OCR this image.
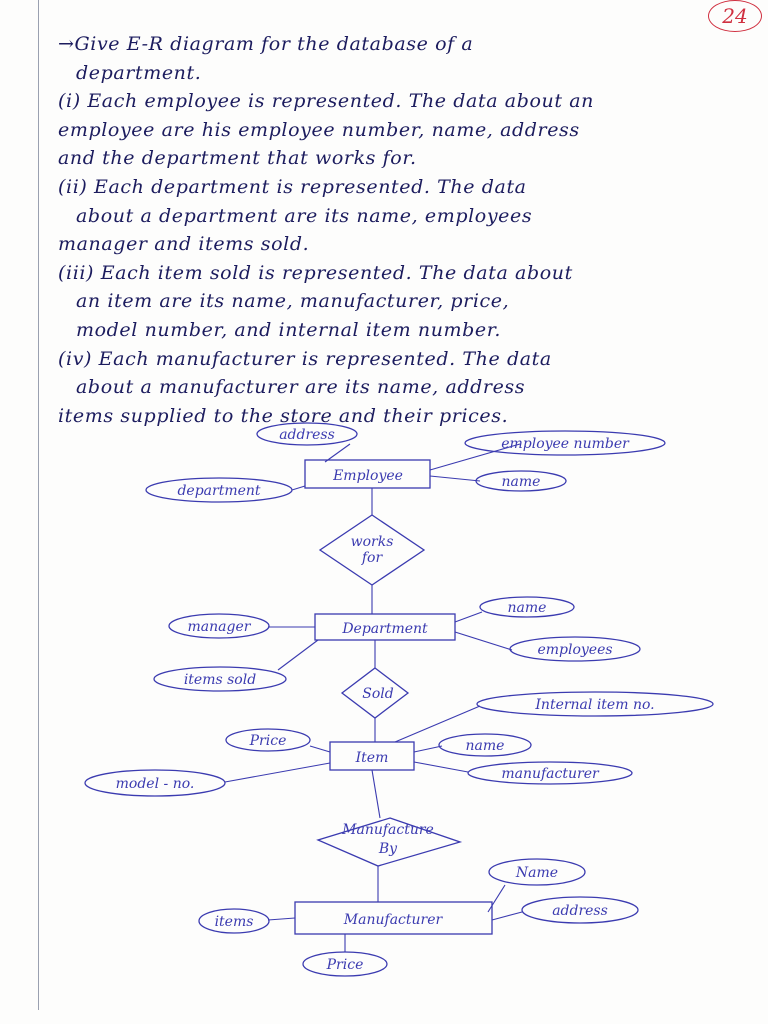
24
→Give E-R diagram for the database of a
department.
(i) Each employee is represented. The data about an
employee are his employee number, name, address
and the department that works for.
(ii) Each department is represented. The data
about a department are its name, employees
manager and items sold.
(iii) Each item sold is represented. The data about
an item are its name, manufacturer, price,
model number, and internal item number.
(iv) Each manufacturer is represented. The data
about a manufacturer are its name, address
items supplied to the store and their prices.
Employee
Department
Item
Manufacturer
works
for
Sold
Manufacture
By
address
employee number
name
department
name
manager
employees
items sold
Internal item no.
Price	name
model - no.
manufacturer
Name
items
address
Price
